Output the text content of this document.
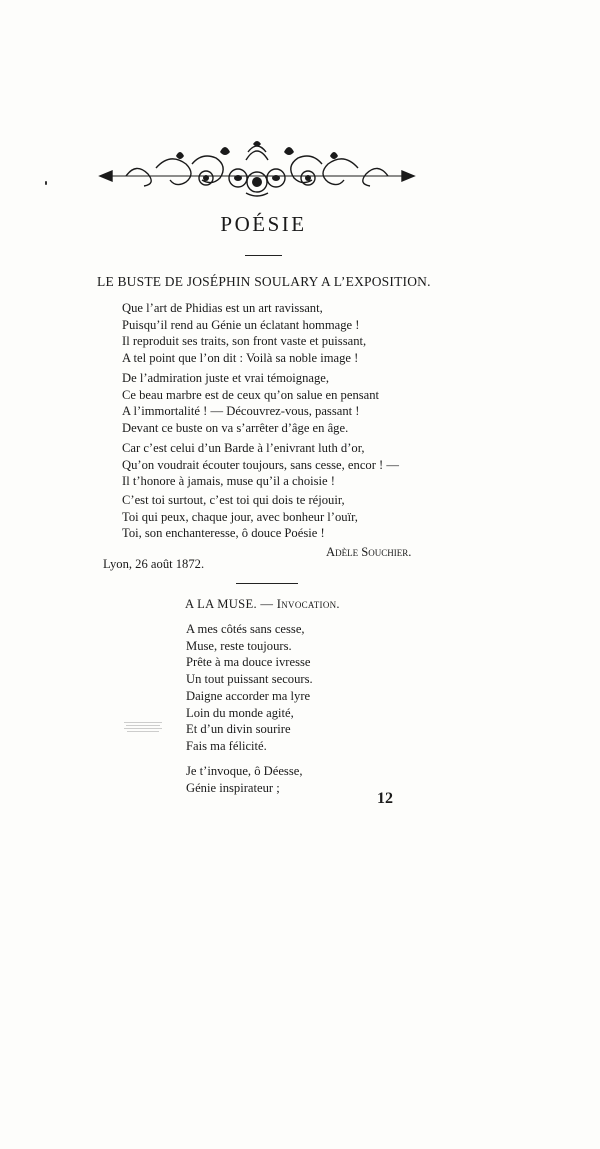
POÉSIE
LE BUSTE DE JOSÉPHIN SOULARY A L’EXPOSITION.
Que l’art de Phidias est un art ravissant,
Puisqu’il rend au Génie un éclatant hommage !
Il reproduit ses traits, son front vaste et puissant,
A tel point que l’on dit : Voilà sa noble image !
De l’admiration juste et vrai témoignage,
Ce beau marbre est de ceux qu’on salue en pensant
A l’immortalité ! — Découvrez-vous, passant !
Devant ce buste on va s’arrêter d’âge en âge.
Car c’est celui d’un Barde à l’enivrant luth d’or,
Qu’on voudrait écouter toujours, sans cesse, encor ! —
Il t’honore à jamais, muse qu’il a choisie !
C’est toi surtout, c’est toi qui dois te réjouir,
Toi qui peux, chaque jour, avec bonheur l’ouïr,
Toi, son enchanteresse, ô douce Poésie !
Adèle Souchier.
Lyon, 26 août 1872.
A LA MUSE. — Invocation.
A mes côtés sans cesse,
Muse, reste toujours.
Prête à ma douce ivresse
Un tout puissant secours.
Daigne accorder ma lyre
Loin du monde agité,
Et d’un divin sourire
Fais ma félicité.
Je t’invoque, ô Déesse,
Génie inspirateur ;
12
